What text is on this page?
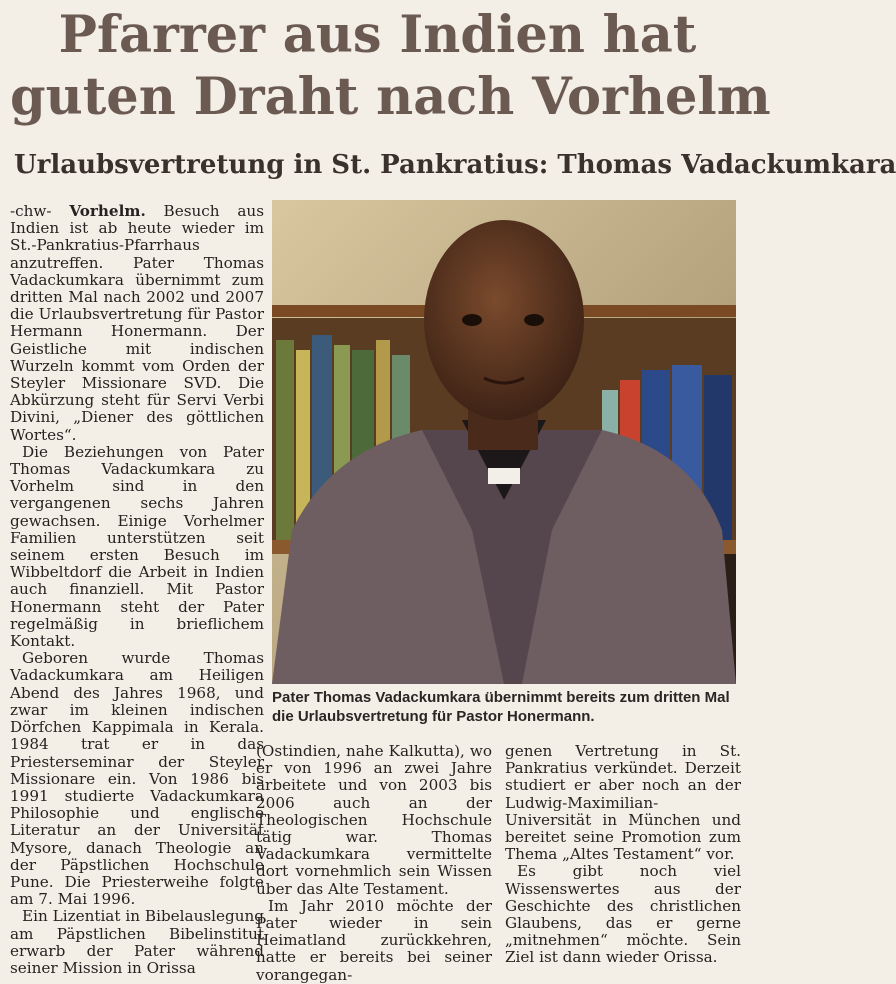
Pfarrer aus Indien hat
guten Draht nach Vorhelm
Urlaubsvertretung in St. Pankratius: Thomas Vadackumkara

-chw- Vorhelm. Besuch aus Indien ist ab heute wieder im St.-Pankratius-Pfarrhaus anzutreffen. Pater Thomas Vadackumkara übernimmt zum dritten Mal nach 2002 und 2007 die Urlaubsvertretung für Pastor Hermann Honermann. Der Geistliche mit indischen Wurzeln kommt vom Orden der Steyler Missionare SVD. Die Abkürzung steht für Servi Verbi Divini, „Diener des göttlichen Wortes“.

Die Beziehungen von Pater Thomas Vadackumkara zu Vorhelm sind in den vergangenen sechs Jahren gewachsen. Einige Vorhelmer Familien unterstützen seit seinem ersten Besuch im Wibbeltdorf die Arbeit in Indien auch finanziell. Mit Pastor Honermann steht der Pater regelmäßig in brieflichem Kontakt.

Geboren wurde Thomas Vadackumkara am Heiligen Abend des Jahres 1968, und zwar im kleinen indischen Dörfchen Kappimala in Kerala. 1984 trat er in das Priesterseminar der Steyler Missionare ein. Von 1986 bis 1991 studierte Vadackumkara Philosophie und englische Literatur an der Universität Mysore, danach Theologie an der Päpstlichen Hochschule Pune. Die Priesterweihe folgte am 7. Mai 1996.

Ein Lizentiat in Bibelauslegung am Päpstlichen Bibelinstitut erwarb der Pater während seiner Mission in Orissa

Pater Thomas Vadackumkara übernimmt bereits zum dritten Mal die Urlaubsvertretung für Pastor Honermann.

(Ostindien, nahe Kalkutta), wo er von 1996 an zwei Jahre arbeitete und von 2003 bis 2006 auch an der Theologischen Hochschule tätig war. Thomas Vadackumkara vermittelte dort vornehmlich sein Wissen über das Alte Testament.

Im Jahr 2010 möchte der Pater wieder in sein Heimatland zurückkehren, hatte er bereits bei seiner vorangegan-

genen Vertretung in St. Pankratius verkündet. Derzeit studiert er aber noch an der Ludwig-Maximilian-Universität in München und bereitet seine Promotion zum Thema „Altes Testament“ vor.

Es gibt noch viel Wissenswertes aus der Geschichte des christlichen Glaubens, das er gerne „mitnehmen“ möchte. Sein Ziel ist dann wieder Orissa.
